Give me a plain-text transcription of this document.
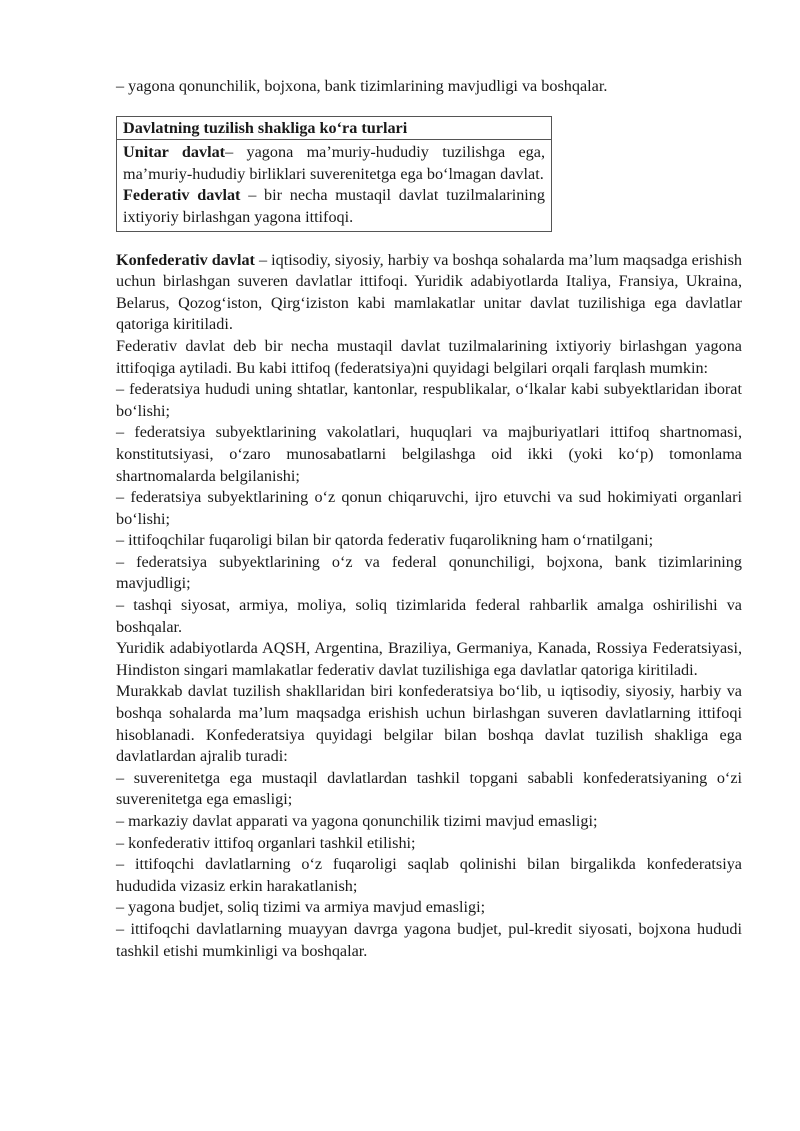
– yagona qonunchilik, bojxona, bank tizimlarining mavjudligi va boshqalar.

Davlatning tuzilish shakliga ko‘ra turlari

Unitar davlat– yagona ma’muriy-hududiy tuzilishga ega, ma’muriy-hududiy birliklari suverenitetga ega bo‘lmagan davlat.

Federativ davlat – bir necha mustaqil davlat tuzilmalarining ixtiyoriy birlashgan yagona ittifoqi.

Konfederativ davlat – iqtisodiy, siyosiy, harbiy va boshqa sohalarda ma’lum maqsadga erishish uchun birlashgan suveren davlatlar ittifoqi. Yuridik adabiyotlarda Italiya, Fransiya, Ukraina, Belarus, Qozog‘iston, Qirg‘iziston kabi mamlakatlar unitar davlat tuzilishiga ega davlatlar qatoriga kiritiladi.

Federativ davlat deb bir necha mustaqil davlat tuzilmalarining ixtiyoriy birlashgan yagona ittifoqiga aytiladi. Bu kabi ittifoq (federatsiya)ni quyidagi belgilari orqali farqlash mumkin:

– federatsiya hududi uning shtatlar, kantonlar, respublikalar, o‘lkalar kabi subyektlaridan iborat bo‘lishi;

– federatsiya subyektlarining vakolatlari, huquqlari va majburiyatlari ittifoq shartnomasi, konstitutsiyasi, o‘zaro munosabatlarni belgilashga oid ikki (yoki ko‘p) tomonlama shartnomalarda belgilanishi;

– federatsiya subyektlarining o‘z qonun chiqaruvchi, ijro etuvchi va sud hokimiyati organlari bo‘lishi;

– ittifoqchilar fuqaroligi bilan bir qatorda federativ fuqarolikning ham o‘rnatilgani;

– federatsiya subyektlarining o‘z va federal qonunchiligi, bojxona, bank tizimlarining mavjudligi;

– tashqi siyosat, armiya, moliya, soliq tizimlarida federal rahbarlik amalga oshirilishi va boshqalar.

Yuridik adabiyotlarda AQSH, Argentina, Braziliya, Germaniya, Kanada, Rossiya Federatsiyasi, Hindiston singari mamlakatlar federativ davlat tuzilishiga ega davlatlar qatoriga kiritiladi.

Murakkab davlat tuzilish shakllaridan biri konfederatsiya bo‘lib, u iqtisodiy, siyosiy, harbiy va boshqa sohalarda ma’lum maqsadga erishish uchun birlashgan suveren davlatlarning ittifoqi hisoblanadi. Konfederatsiya quyidagi belgilar bilan boshqa davlat tuzilish shakliga ega davlatlardan ajralib turadi:

– suverenitetga ega mustaqil davlatlardan tashkil topgani sababli konfederatsiyaning o‘zi suverenitetga ega emasligi;

– markaziy davlat apparati va yagona qonunchilik tizimi mavjud emasligi;

– konfederativ ittifoq organlari tashkil etilishi;

– ittifoqchi davlatlarning o‘z fuqaroligi saqlab qolinishi bilan birgalikda konfederatsiya hududida vizasiz erkin harakatlanish;

– yagona budjet, soliq tizimi va armiya mavjud emasligi;

– ittifoqchi davlatlarning muayyan davrga yagona budjet, pul-kredit siyosati, bojxona hududi tashkil etishi mumkinligi va boshqalar.
